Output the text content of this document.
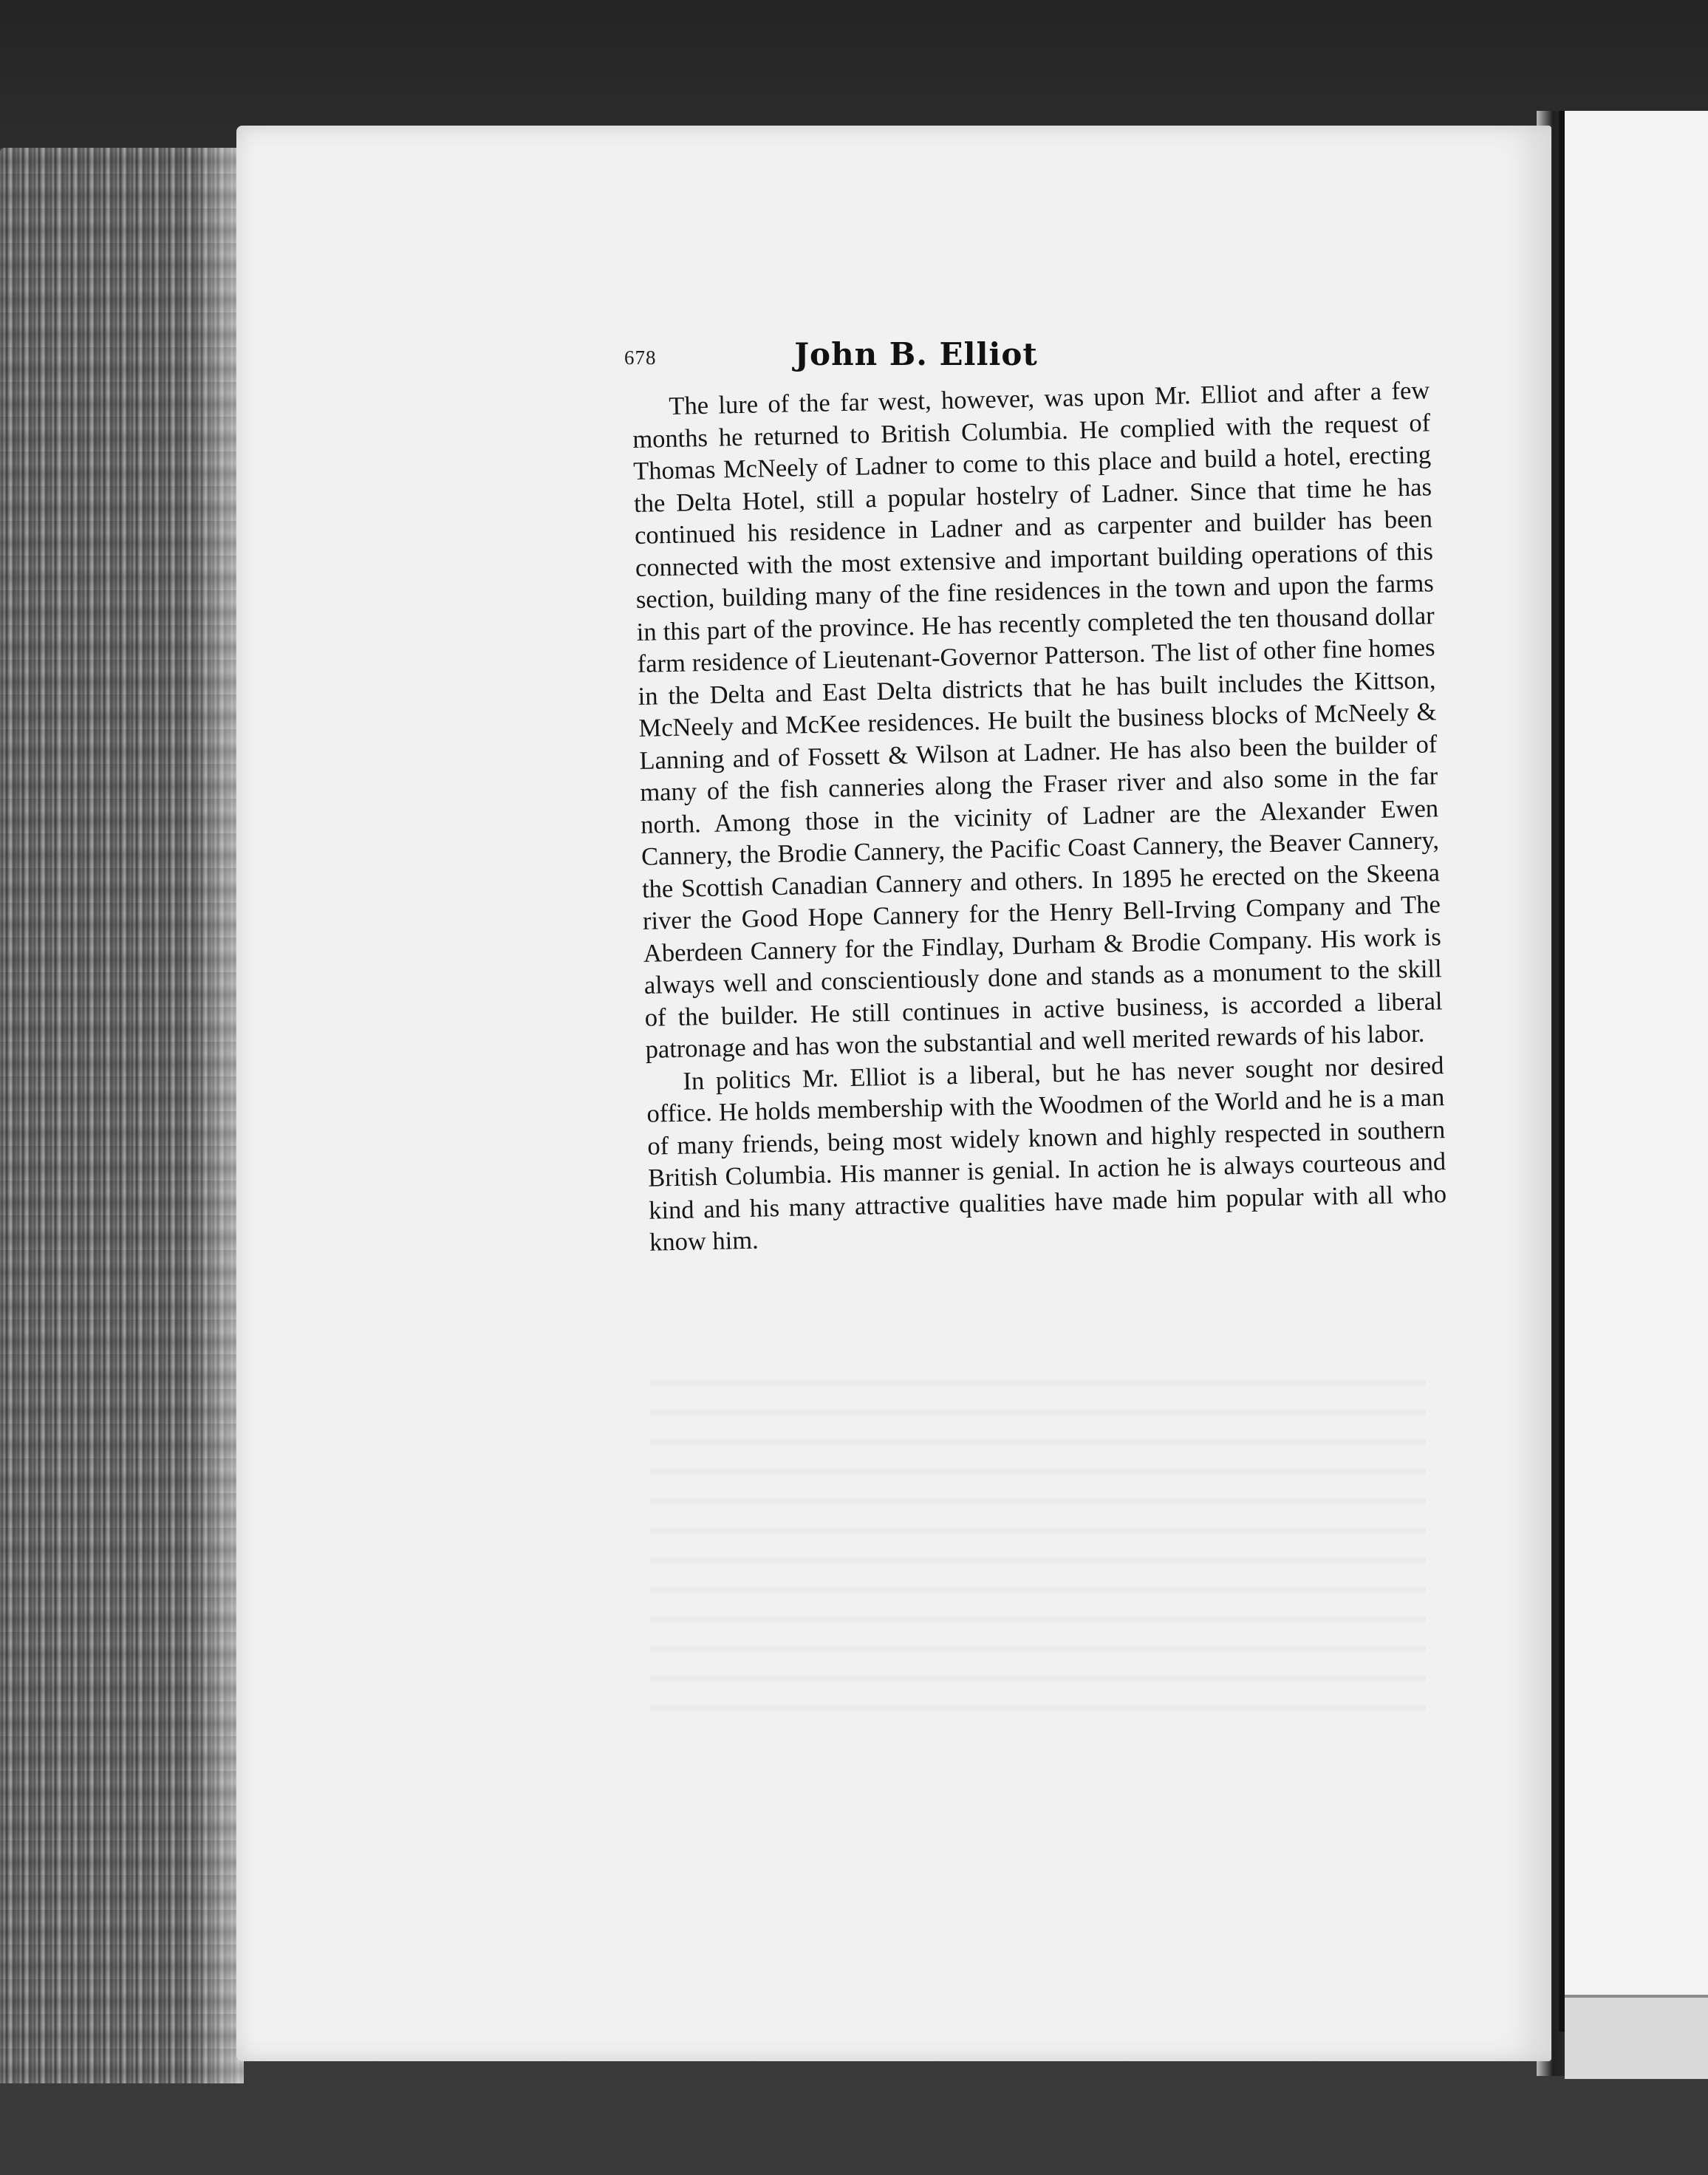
678	John B. Elliot

The lure of the far west, however, was upon Mr. Elliot and after a few months he returned to British Columbia. He complied with the request of Thomas McNeely of Ladner to come to this place and build a hotel, erecting the Delta Hotel, still a popular hostelry of Ladner. Since that time he has continued his residence in Ladner and as carpenter and builder has been connected with the most extensive and important building operations of this section, building many of the fine residences in the town and upon the farms in this part of the province. He has recently completed the ten thousand dollar farm residence of Lieutenant-Governor Patterson. The list of other fine homes in the Delta and East Delta districts that he has built includes the Kittson, McNeely and McKee residences. He built the business blocks of McNeely & Lanning and of Fossett & Wilson at Ladner. He has also been the builder of many of the fish canneries along the Fraser river and also some in the far north. Among those in the vicinity of Ladner are the Alexander Ewen Cannery, the Brodie Cannery, the Pacific Coast Cannery, the Beaver Cannery, the Scottish Canadian Cannery and others. In 1895 he erected on the Skeena river the Good Hope Cannery for the Henry Bell-Irving Company and The Aberdeen Cannery for the Findlay, Durham & Brodie Company. His work is always well and conscientiously done and stands as a monument to the skill of the builder. He still continues in active business, is accorded a liberal patronage and has won the substantial and well merited rewards of his labor.

In politics Mr. Elliot is a liberal, but he has never sought nor desired office. He holds membership with the Woodmen of the World and he is a man of many friends, being most widely known and highly respected in southern British Columbia. His manner is genial. In action he is always courteous and kind and his many attractive qualities have made him popular with all who know him.
